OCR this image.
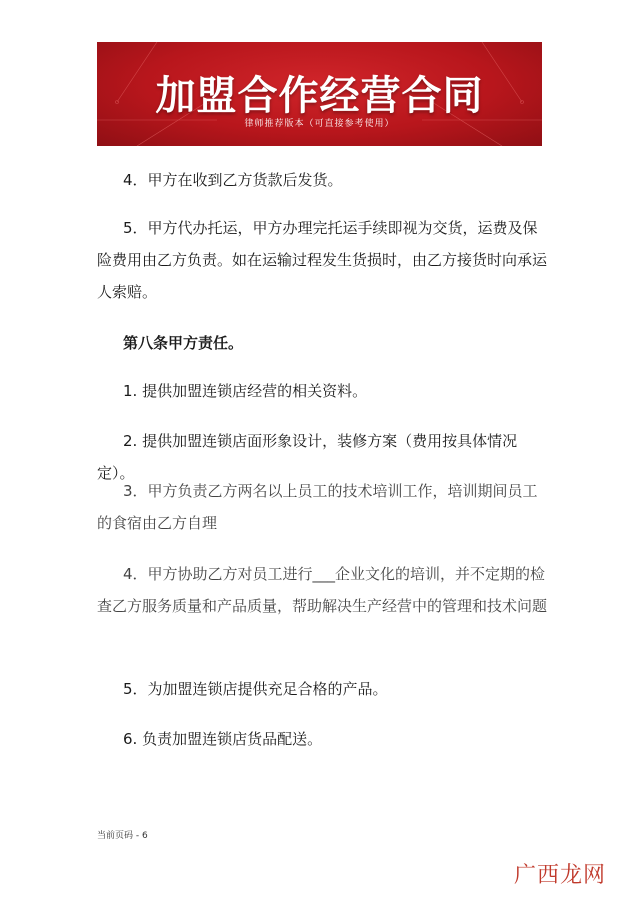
加盟合作经营合同
律师推荐版本（可直接参考使用）

4．甲方在收到乙方货款后发货。

5．甲方代办托运，甲方办理完托运手续即视为交货，运费及保险费用由乙方负责。如在运输过程发生货损时，由乙方接货时向承运人索赔。

第八条甲方责任。

1. 提供加盟连锁店经营的相关资料。

2. 提供加盟连锁店面形象设计，装修方案（费用按具体情况定）。

3．甲方负责乙方两名以上员工的技术培训工作，培训期间员工的食宿由乙方自理

4．甲方协助乙方对员工进行___企业文化的培训，并不定期的检查乙方服务质量和产品质量，帮助解决生产经营中的管理和技术问题

5．为加盟连锁店提供充足合格的产品。

6. 负责加盟连锁店货品配送。

当前页码 - 6
广西龙网
